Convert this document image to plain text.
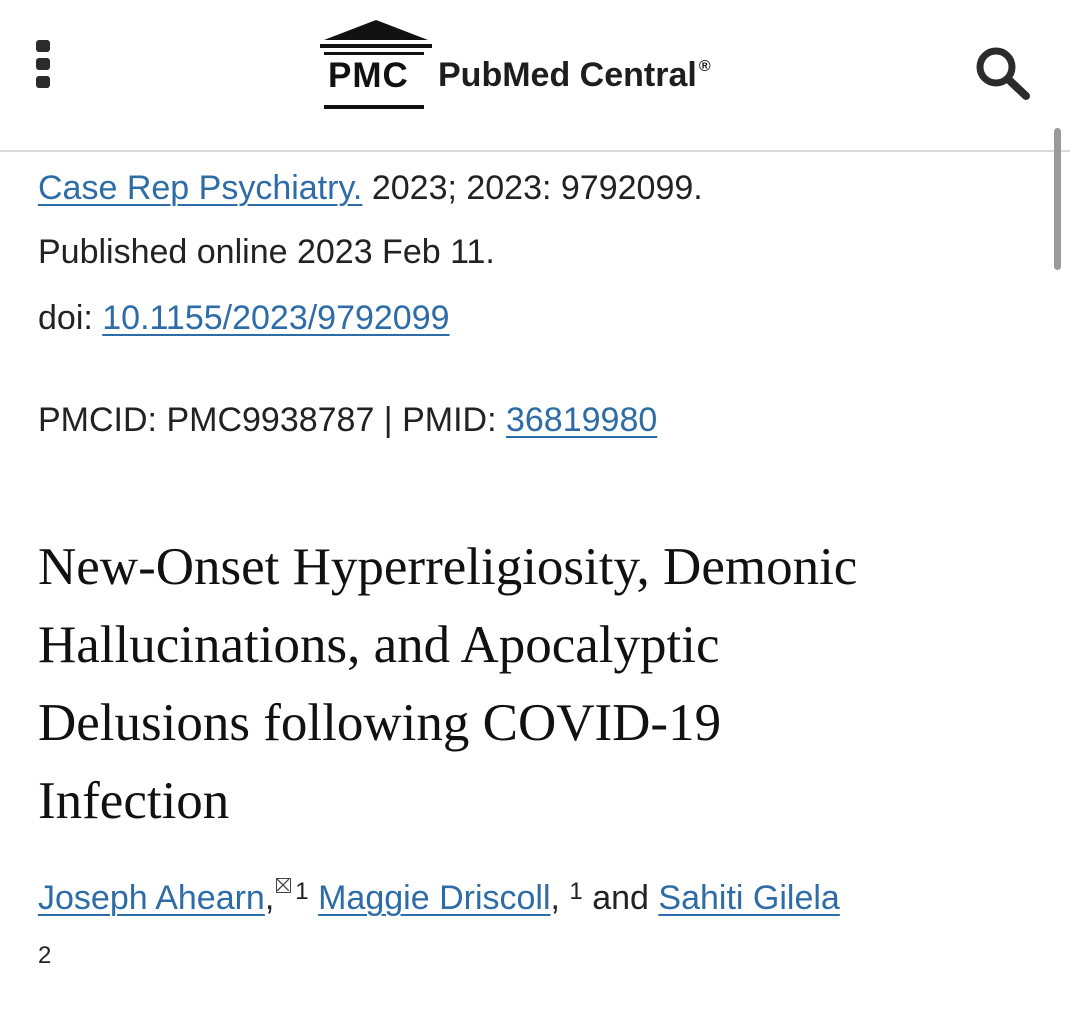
PMC PubMed Central ®
Case Rep Psychiatry. 2023; 2023: 9792099.
Published online 2023 Feb 11.
doi: 10.1155/2023/9792099
PMCID: PMC9938787 | PMID: 36819980
New-Onset Hyperreligiosity, Demonic
Hallucinations, and Apocalyptic
Delusions following COVID-19
Infection
Joseph Ahearn, $^1$ Maggie Driscoll, $^1$ and Sahiti Gilela
2
